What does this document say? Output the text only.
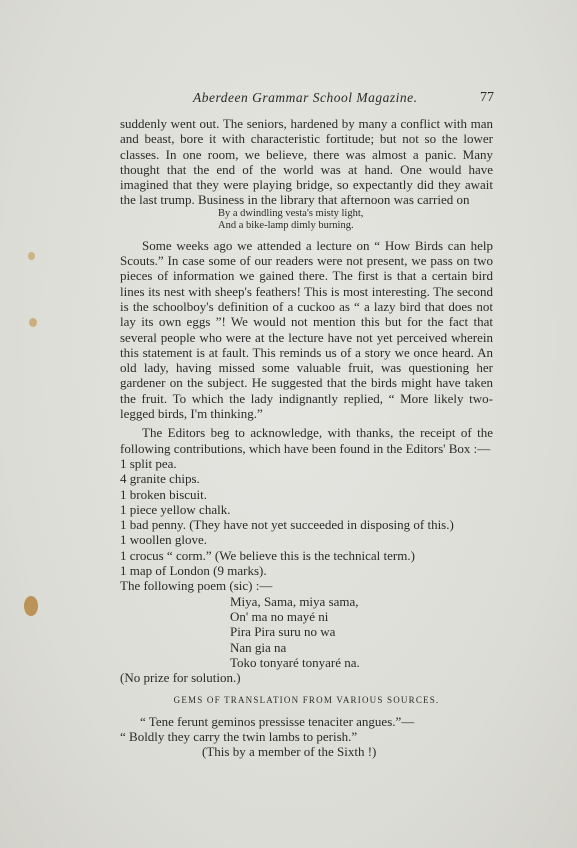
Aberdeen Grammar School Magazine.	77

suddenly went out. The seniors, hardened by many a conflict with man and beast, bore it with characteristic fortitude; but not so the lower classes. In one room, we believe, there was almost a panic. Many thought that the end of the world was at hand. One would have imagined that they were playing bridge, so expectantly did they await the last trump. Business in the library that afternoon was carried on

By a dwindling vesta's misty light,
And a bike-lamp dimly burning.

Some weeks ago we attended a lecture on “ How Birds can help Scouts.” In case some of our readers were not present, we pass on two pieces of information we gained there. The first is that a certain bird lines its nest with sheep's feathers! This is most interesting. The second is the schoolboy's definition of a cuckoo as “ a lazy bird that does not lay its own eggs ”! We would not mention this but for the fact that several people who were at the lecture have not yet perceived wherein this statement is at fault. This reminds us of a story we once heard. An old lady, having missed some valuable fruit, was questioning her gardener on the subject. He suggested that the birds might have taken the fruit. To which the lady indignantly replied, “ More likely two-legged birds, I'm thinking.”

The Editors beg to acknowledge, with thanks, the receipt of the following contributions, which have been found in the Editors' Box :—

1 split pea.
4 granite chips.
1 broken biscuit.
1 piece yellow chalk.
1 bad penny. (They have not yet succeeded in disposing of this.)
1 woollen glove.
1 crocus “ corm.” (We believe this is the technical term.)
1 map of London (9 marks).
The following poem (sic) :—
Miya, Sama, miya sama,
On' ma no mayé ni
Pira Pira suru no wa
Nan gia na
Toko tonyaré tonyaré na.
(No prize for solution.)
GEMS OF TRANSLATION FROM VARIOUS SOURCES.
“ Tene ferunt geminos pressisse tenaciter angues.”—
“ Boldly they carry the twin lambs to perish.”
(This by a member of the Sixth !)
